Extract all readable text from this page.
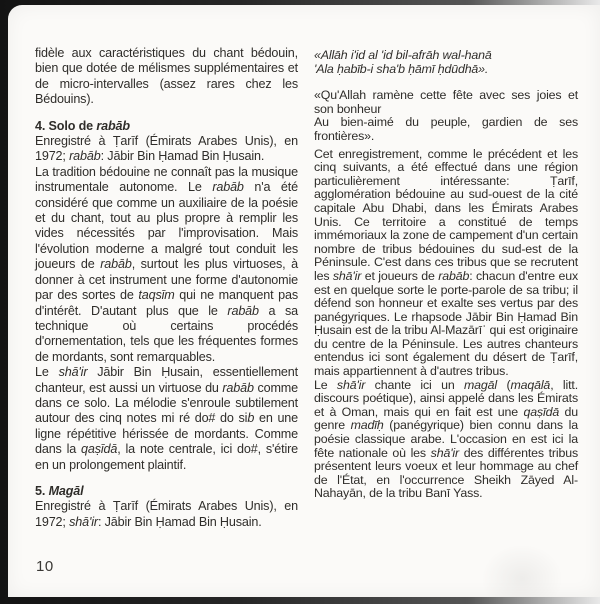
fidèle aux caractéristiques du chant bédouin, bien que dotée de mélismes supplémentaires et de micro-intervalles (assez rares chez les Bédouins).
4. Solo de rabāb
Enregistré à Ṭarīf (Émirats Arabes Unis), en 1972; rabāb: Jābir Bin Ḥamad Bin Ḥusain.
La tradition bédouine ne connaît pas la musique instrumentale autonome. Le rabāb n'a été considéré que comme un auxiliaire de la poésie et du chant, tout au plus propre à remplir les vides nécessités par l'improvisation. Mais l'évolution moderne a malgré tout conduit les joueurs de rabāb, surtout les plus virtuoses, à donner à cet instrument une forme d'autonomie par des sortes de taqsīm qui ne manquent pas d'intérêt. D'autant plus que le rabāb a sa technique où certains procédés d'ornementation, tels que les fréquentes formes de mordants, sont remarquables.
Le shā'ir Jābir Bin Ḥusain, essentiellement chanteur, est aussi un virtuose du rabāb comme dans ce solo. La mélodie s'enroule subtilement autour des cinq notes mi ré do# do sib en une ligne répétitive hérissée de mordants. Comme dans la qaṣīdā, la note centrale, ici do#, s'étire en un prolongement plaintif.
5. Magāl
Enregistré à Ṭarīf (Émirats Arabes Unis), en 1972; shā'ir: Jābir Bin Ḥamad Bin Ḥusain.
«Allāh i'id al 'id bil-afrāh wal-hanā
'Ala ḥabīb-i sha'b ḥāmī ḥdūdhā».
«Qu'Allah ramène cette fête avec ses joies et son bonheur
Au bien-aimé du peuple, gardien de ses frontières».
Cet enregistrement, comme le précédent et les cinq suivants, a été effectué dans une région particulièrement intéressante: Ṭarīf, agglomération bédouine au sud-ouest de la cité capitale Abu Dhabi, dans les Émirats Arabes Unis. Ce territoire a constitué de temps immémoriaux la zone de campement d'un certain nombre de tribus bédouines du sud-est de la Péninsule. C'est dans ces tribus que se recrutent les shā'ir et joueurs de rabāb: chacun d'entre eux est en quelque sorte le porte-parole de sa tribu; il défend son honneur et exalte ses vertus par des panégyriques. Le rhapsode Jābir Bin Ḥamad Bin Ḥusain est de la tribu Al-Mazārīʿ qui est originaire du centre de la Péninsule. Les autres chanteurs entendus ici sont également du désert de Ṭarīf, mais appartiennent à d'autres tribus.
Le shā'ir chante ici un magāl (maqālā, litt. discours poétique), ainsi appelé dans les Émirats et à Oman, mais qui en fait est une qaṣīdā du genre madīḥ (panégyrique) bien connu dans la poésie classique arabe. L'occasion en est ici la fête nationale où les shā'ir des différentes tribus présentent leurs voeux et leur hommage au chef de l'État, en l'occurrence Sheikh Zāyed Al-Nahayān, de la tribu Banī Yass.
10
